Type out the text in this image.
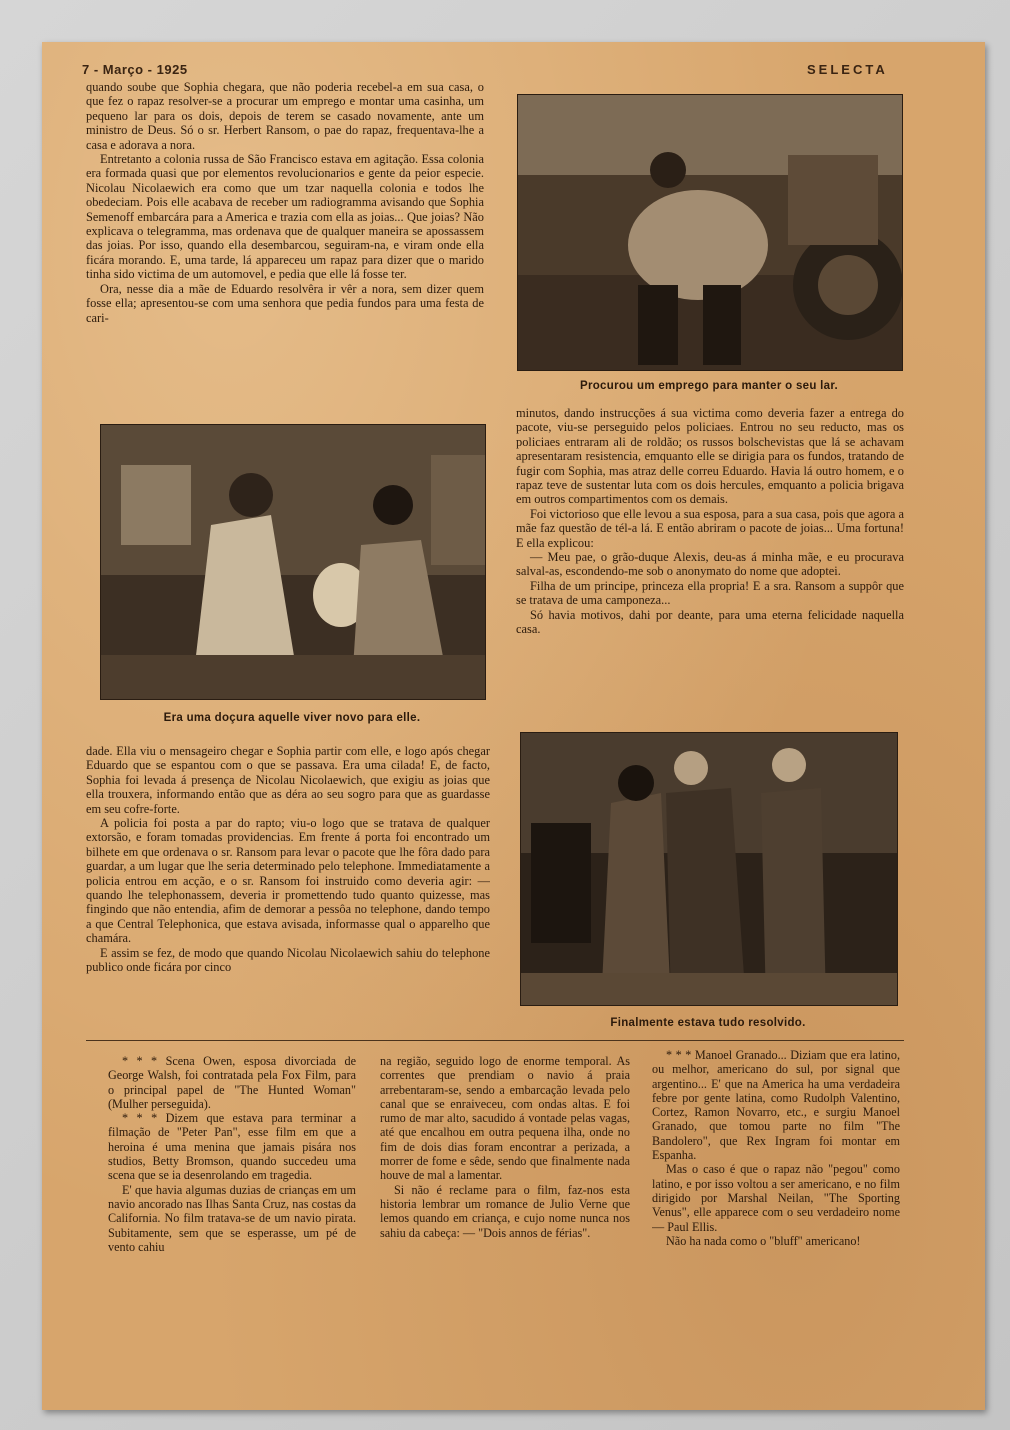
7 - Março - 1925	SELECTA

quando soube que Sophia chegara, que não poderia recebel-a em sua casa, o que fez o rapaz resolver-se a procurar um emprego e montar uma casinha, um pequeno lar para os dois, depois de terem se casado novamente, ante um ministro de Deus. Só o sr. Herbert Ransom, o pae do rapaz, frequentava-lhe a casa e adorava a nora.

Entretanto a colonia russa de São Francisco estava em agitação. Essa colonia era formada quasi que por elementos revolucionarios e gente da peior especie. Nicolau Nicolaewich era como que um tzar naquella colonia e todos lhe obedeciam. Pois elle acabava de receber um radiogramma avisando que Sophia Semenoff embarcára para a America e trazia com ella as joias... Que joias? Não explicava o telegramma, mas ordenava que de qualquer maneira se apossassem das joias. Por isso, quando ella desembarcou, seguiram-na, e viram onde ella ficára morando. E, uma tarde, lá appareceu um rapaz para dizer que o marido tinha sido victima de um automovel, e pedia que elle lá fosse ter.

Ora, nesse dia a mãe de Eduardo resolvêra ir vêr a nora, sem dizer quem fosse ella; apresentou-se com uma senhora que pedia fundos para uma festa de cari-

Procurou um emprego para manter o seu lar.
Era uma doçura aquelle viver novo para elle.

minutos, dando instrucções á sua victima como deveria fazer a entrega do pacote, viu-se perseguido pelos policiaes. Entrou no seu reducto, mas os policiaes entraram ali de roldão; os russos bolschevistas que lá se achavam apresentaram resistencia, emquanto elle se dirigia para os fundos, tratando de fugir com Sophia, mas atraz delle correu Eduardo. Havia lá outro homem, e o rapaz teve de sustentar luta com os dois hercules, emquanto a policia brigava em outros compartimentos com os demais.

Foi victorioso que elle levou a sua esposa, para a sua casa, pois que agora a mãe faz questão de tél-a lá. E então abriram o pacote de joias... Uma fortuna! E ella explicou:

— Meu pae, o grão-duque Alexis, deu-as á minha mãe, e eu procurava salval-as, escondendo-me sob o anonymato do nome que adoptei.

Filha de um principe, princeza ella propria! E a sra. Ransom a suppôr que se tratava de uma camponeza...

Só havia motivos, dahi por deante, para uma eterna felicidade naquella casa.

dade. Ella viu o mensageiro chegar e Sophia partir com elle, e logo após chegar Eduardo que se espantou com o que se passava. Era uma cilada! E, de facto, Sophia foi levada á presença de Nicolau Nicolaewich, que exigiu as joias que ella trouxera, informando então que as déra ao seu sogro para que as guardasse em seu cofre-forte.

A policia foi posta a par do rapto; viu-o logo que se tratava de qualquer extorsão, e foram tomadas providencias. Em frente á porta foi encontrado um bilhete em que ordenava o sr. Ransom para levar o pacote que lhe fôra dado para guardar, a um lugar que lhe seria determinado pelo telephone. Immediatamente a policia entrou em acção, e o sr. Ransom foi instruido como deveria agir: — quando lhe telephonassem, deveria ir promettendo tudo quanto quizesse, mas fingindo que não entendia, afim de demorar a pessôa no telephone, dando tempo a que Central Telephonica, que estava avisada, informasse qual o apparelho que chamára.

E assim se fez, de modo que quando Nicolau Nicolaewich sahiu do telephone publico onde ficára por cinco

Finalmente estava tudo resolvido.

* * * Scena Owen, esposa divorciada de George Walsh, foi contratada pela Fox Film, para o principal papel de "The Hunted Woman" (Mulher perseguida).

* * * Dizem que estava para terminar a filmação de "Peter Pan", esse film em que a heroina é uma menina que jamais pisára nos studios, Betty Bromson, quando succedeu uma scena que se ia desenrolando em tragedia.

E' que havia algumas duzias de crianças em um navio ancorado nas Ilhas Santa Cruz, nas costas da California. No film tratava-se de um navio pirata. Subitamente, sem que se esperasse, um pé de vento cahiu

na região, seguido logo de enorme temporal. As correntes que prendiam o navio á praia arrebentaram-se, sendo a embarcação levada pelo canal que se enraiveceu, com ondas altas. E foi rumo de mar alto, sacudido á vontade pelas vagas, até que encalhou em outra pequena ilha, onde no fim de dois dias foram encontrar a perizada, a morrer de fome e sêde, sendo que finalmente nada houve de mal a lamentar.

Si não é reclame para o film, faz-nos esta historia lembrar um romance de Julio Verne que lemos quando em criança, e cujo nome nunca nos sahiu da cabeça: — "Dois annos de férias".

* * * Manoel Granado... Diziam que era latino, ou melhor, americano do sul, por signal que argentino... E' que na America ha uma verdadeira febre por gente latina, como Rudolph Valentino, Cortez, Ramon Novarro, etc., e surgiu Manoel Granado, que tomou parte no film "The Bandolero", que Rex Ingram foi montar em Espanha.

Mas o caso é que o rapaz não "pegou" como latino, e por isso voltou a ser americano, e no film dirigido por Marshal Neilan, "The Sporting Venus", elle apparece com o seu verdadeiro nome — Paul Ellis.

Não ha nada como o "bluff" americano!
